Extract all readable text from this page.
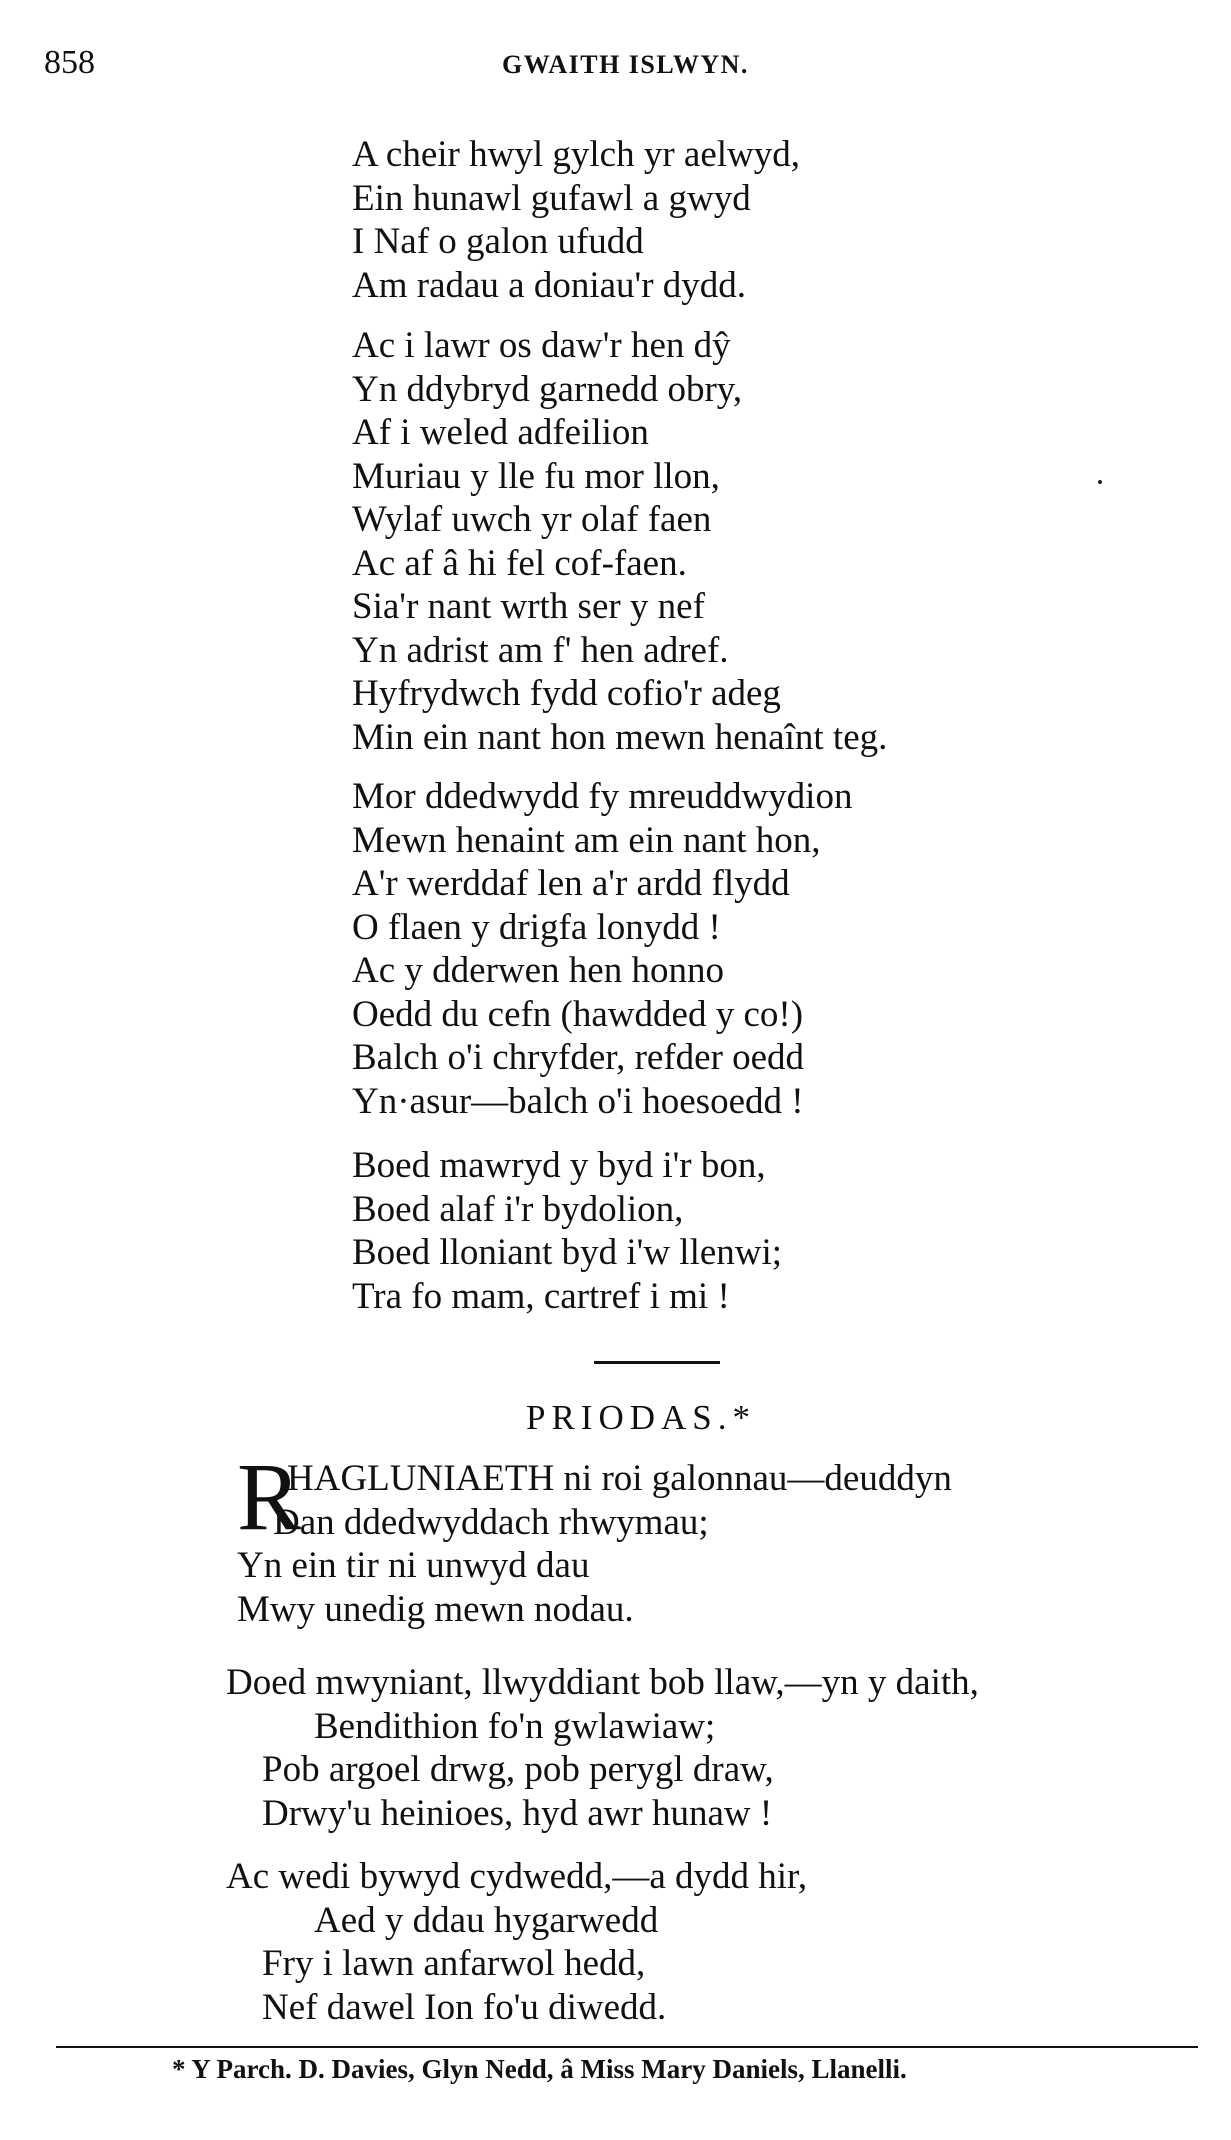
858	GWAITH ISLWYN.
A cheir hwyl gylch yr aelwyd,
Ein hunawl gufawl a gwyd
I Naf o galon ufudd
Am radau a doniau'r dydd.
Ac i lawr os daw'r hen dŷ
Yn ddybryd garnedd obry,
Af i weled adfeilion
Muriau y lle fu mor llon,
Wylaf uwch yr olaf faen
Ac af â hi fel cof-faen.
Sia'r nant wrth ser y nef
Yn adrist am f' hen adref.
Hyfrydwch fydd cofio'r adeg
Min ein nant hon mewn henaînt teg.
Mor ddedwydd fy mreuddwydion
Mewn henaint am ein nant hon,
A'r werddaf len a'r ardd flydd
O flaen y drigfa lonydd !
Ac y dderwen hen honno
Oedd du cefn (hawdded y co!)
Balch o'i chryfder, refder oedd
Yn·asur—balch o'i hoesoedd !
Boed mawryd y byd i'r bon,
Boed alaf i'r bydolion,
Boed lloniant byd i'w llenwi;
Tra fo mam, cartref i mi !
PRIODAS.*
R
HAGLUNIAETH ni roi galonnau—deuddyn
Dan ddedwyddach rhwymau;
Yn ein tir ni unwyd dau
Mwy unedig mewn nodau.
Doed mwyniant, llwyddiant bob llaw,—yn y daith,
Bendithion fo'n gwlawiaw;
Pob argoel drwg, pob perygl draw,
Drwy'u heinioes, hyd awr hunaw !
Ac wedi bywyd cydwedd,—a dydd hir,
Aed y ddau hygarwedd
Fry i lawn anfarwol hedd,
Nef dawel Ion fo'u diwedd.
* Y Parch. D. Davies, Glyn Nedd, â Miss Mary Daniels, Llanelli.
